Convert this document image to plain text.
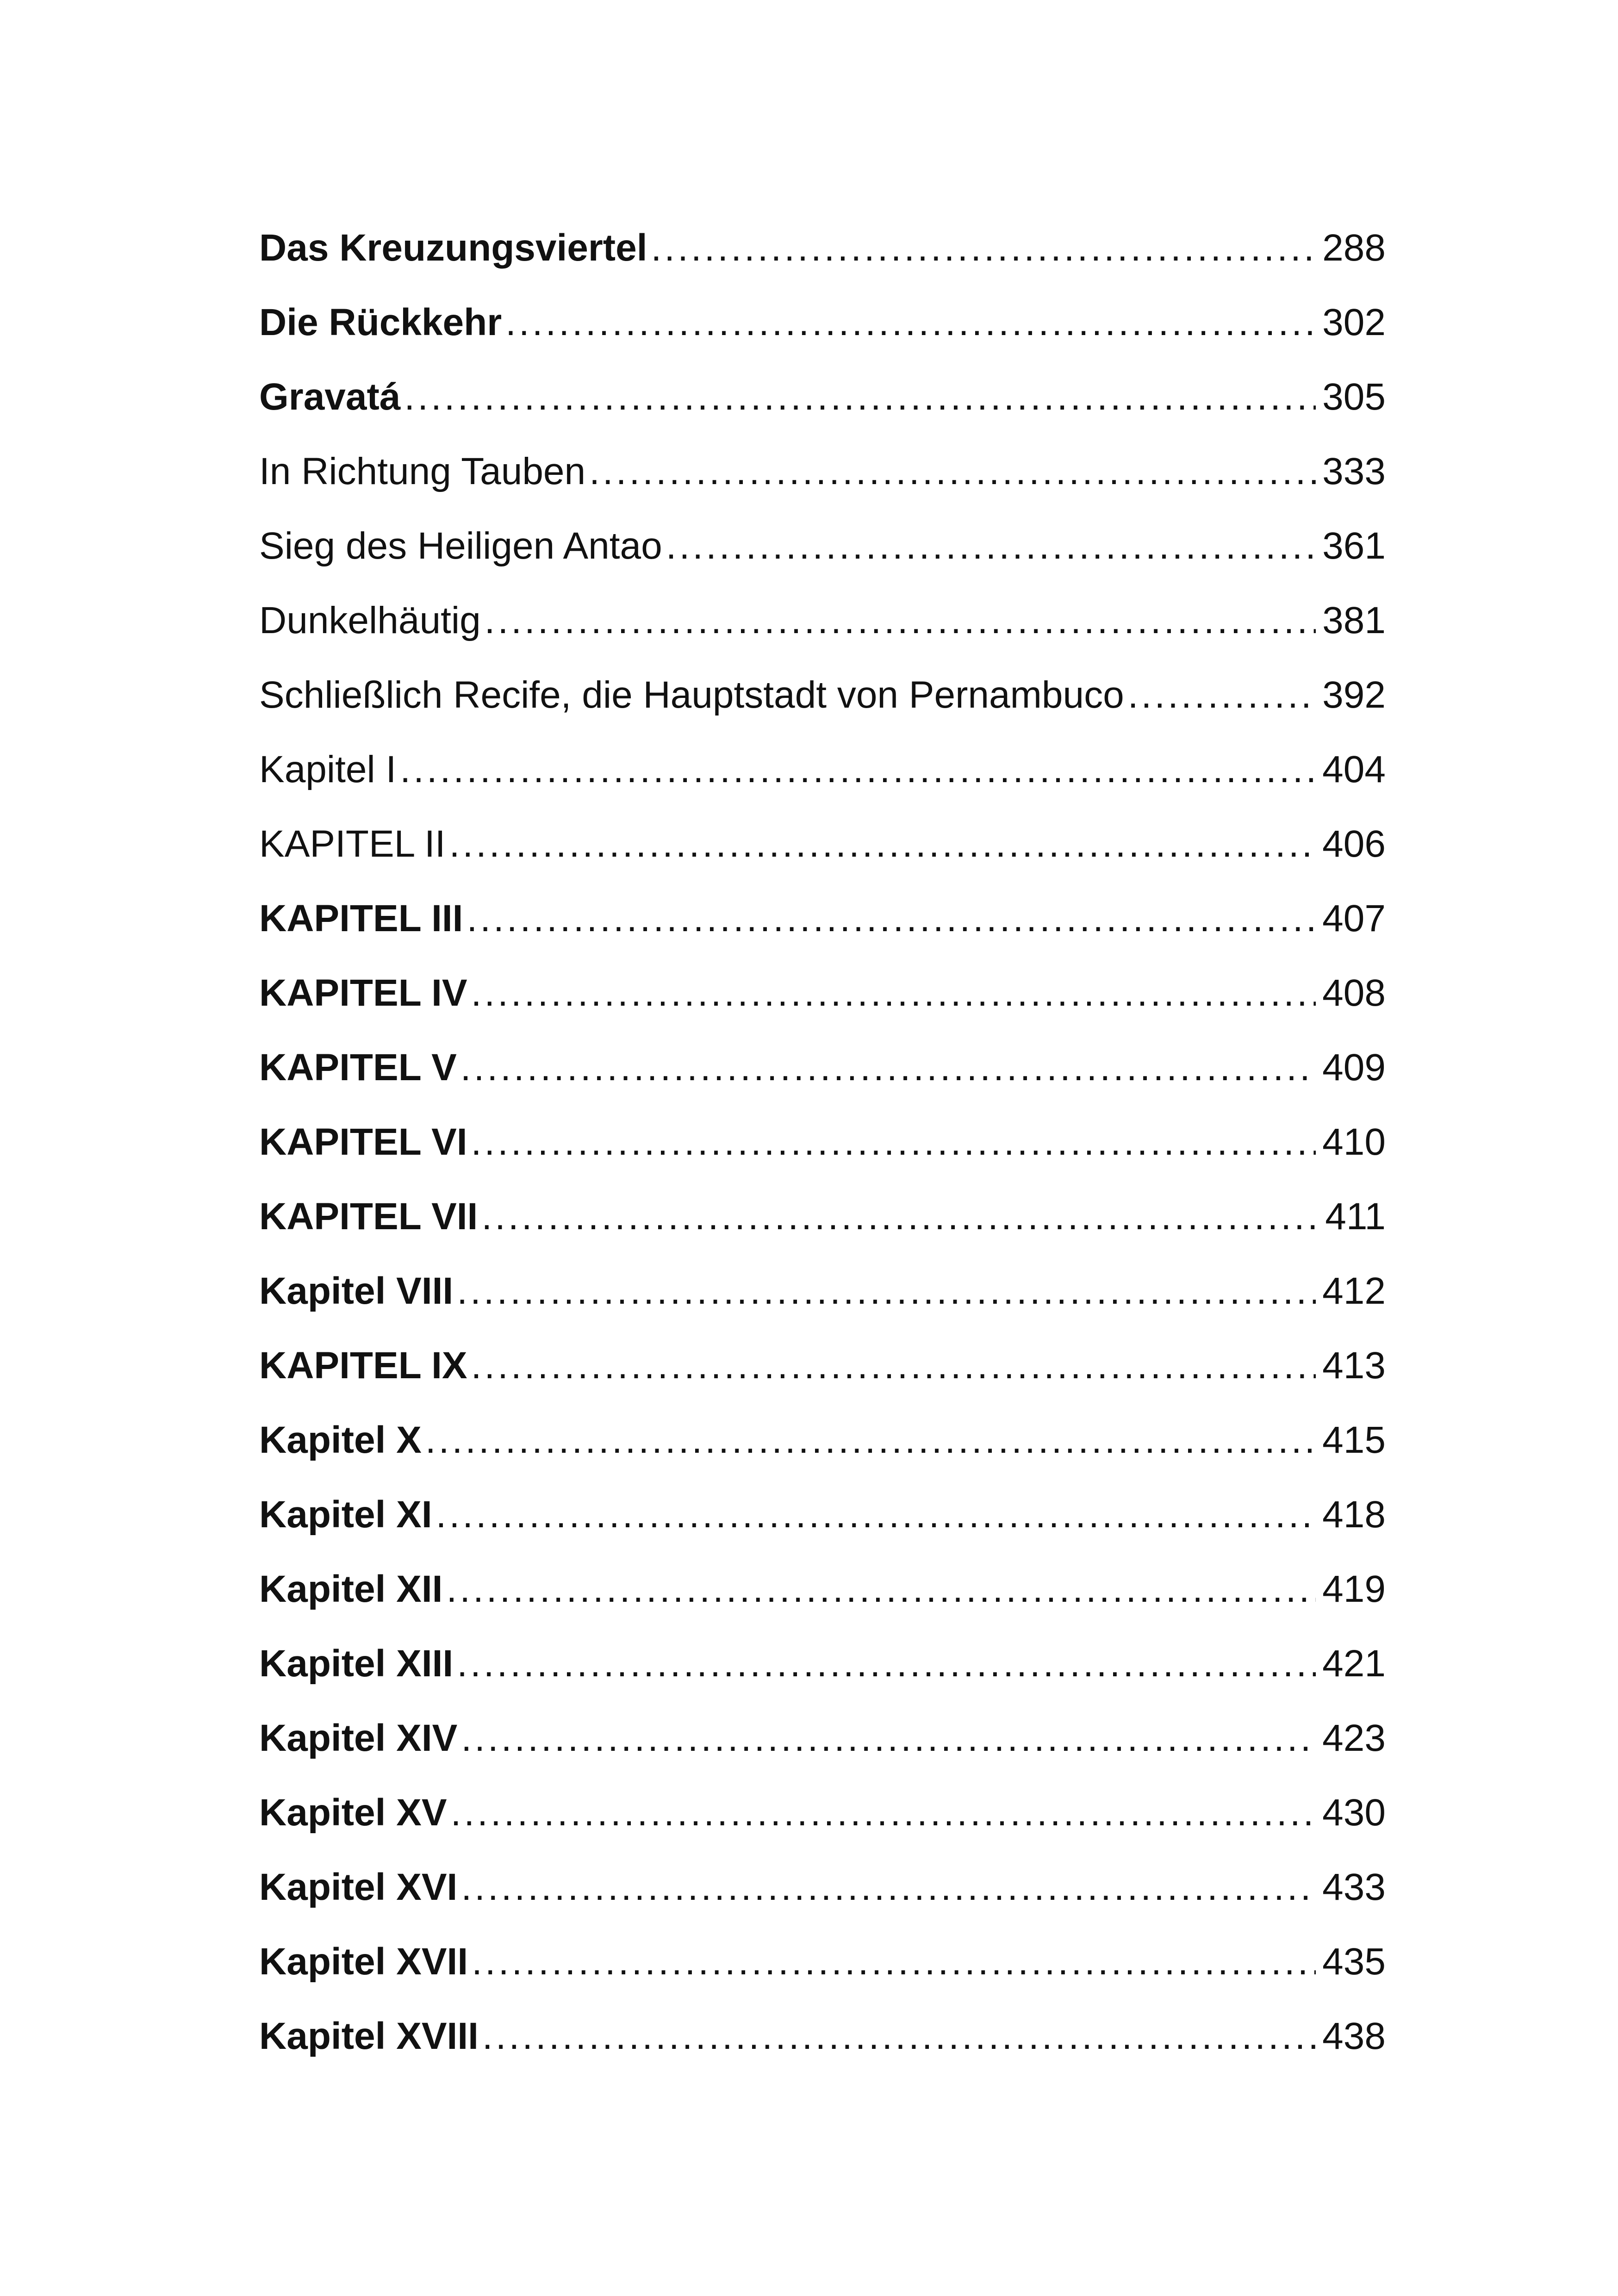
Das Kreuzungsviertel .....	288
Die Rückkehr .....	302
Gravatá .....	305
In Richtung Tauben .....	333
Sieg des Heiligen Antao .....	361
Dunkelhäutig .....	381
Schließlich Recife, die Hauptstadt von Pernambuco .....	392
Kapitel I .....	404
KAPITEL II .....	406
KAPITEL III .....	407
KAPITEL IV .....	408
KAPITEL V .....	409
KAPITEL VI .....	410
KAPITEL VII .....	411
Kapitel VIII .....	412
KAPITEL IX .....	413
Kapitel X .....	415
Kapitel XI .....	418
Kapitel XII .....	419
Kapitel XIII .....	421
Kapitel XIV .....	423
Kapitel XV .....	430
Kapitel XVI .....	433
Kapitel XVII .....	435
Kapitel XVIII .....	438
